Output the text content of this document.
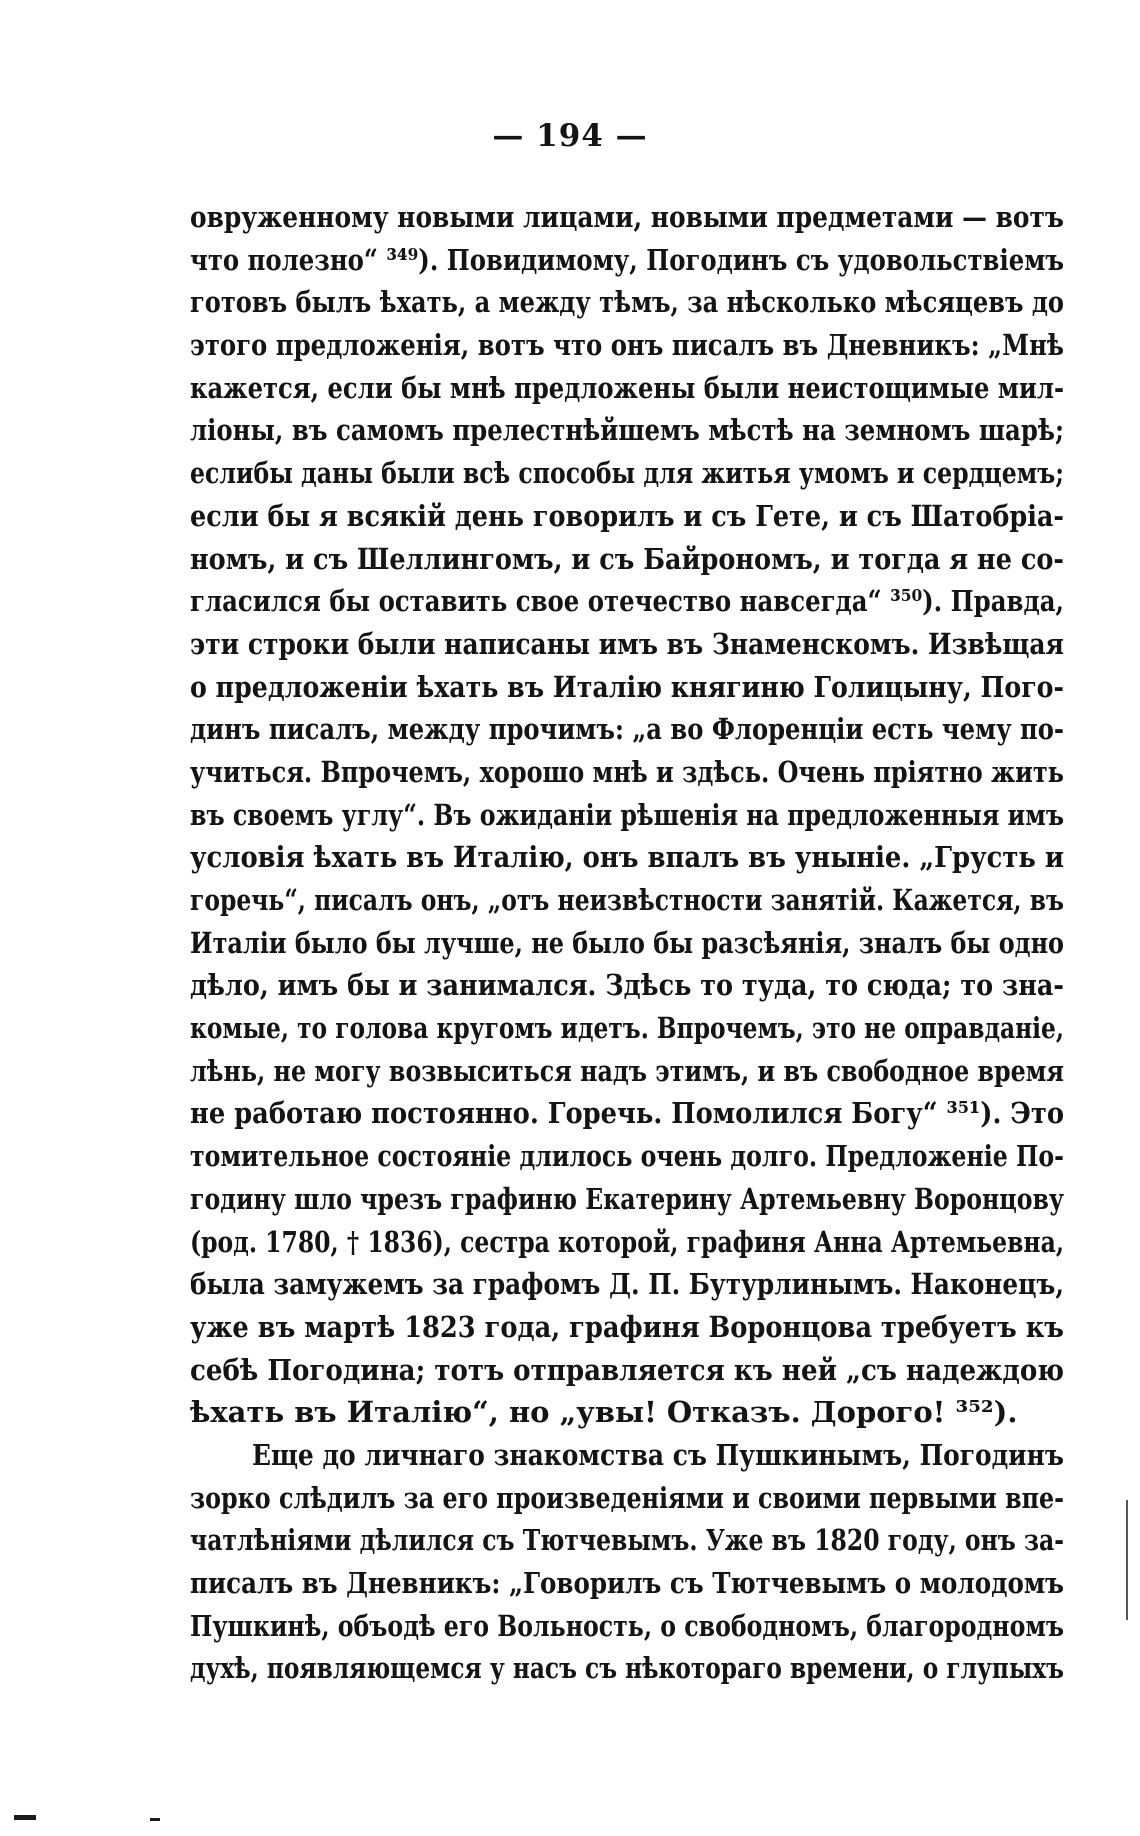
— 194 —
овруженному новыми лицами, новыми предметами — вотъ
что полезно“ ³⁴⁹). Повидимому, Погодинъ съ удовольствіемъ
готовъ былъ ѣхать, а между тѣмъ, за нѣсколько мѣсяцевъ до
этого предложенія, вотъ что онъ писалъ въ Дневникъ: „Мнѣ
кажется, если бы мнѣ предложены были неистощимые мил-
ліоны, въ самомъ прелестнѣйшемъ мѣстѣ на земномъ шарѣ;
еслибы даны были всѣ способы для житья умомъ и сердцемъ;
если бы я всякій день говорилъ и съ Гете, и съ Шатобріа-
номъ, и съ Шеллингомъ, и съ Байрономъ, и тогда я не со-
гласился бы оставить свое отечество навсегда“ ³⁵⁰). Правда,
эти строки были написаны имъ въ Знаменскомъ. Извѣщая
о предложеніи ѣхать въ Италію княгиню Голицыну, Пого-
динъ писалъ, между прочимъ: „а во Флоренціи есть чему по-
учиться. Впрочемъ, хорошо мнѣ и здѣсь. Очень пріятно жить
въ своемъ углу“. Въ ожиданіи рѣшенія на предложенныя имъ
условія ѣхать въ Италію, онъ впалъ въ уныніе. „Грусть и
горечь“, писалъ онъ, „отъ неизвѣстности занятій. Кажется, въ
Италіи было бы лучше, не было бы разсѣянія, зналъ бы одно
дѣло, имъ бы и занимался. Здѣсь то туда, то сюда; то зна-
комые, то голова кругомъ идетъ. Впрочемъ, это не оправданіе,
лѣнь, не могу возвыситься надъ этимъ, и въ свободное время
не работаю постоянно. Горечь. Помолился Богу“ ³⁵¹). Это
томительное состояніе длилось очень долго. Предложеніе По-
годину шло чрезъ графиню Екатерину Артемьевну Воронцову
(род. 1780, † 1836), сестра которой, графиня Анна Артемьевна,
была замужемъ за графомъ Д. П. Бутурлинымъ. Наконецъ,
уже въ мартѣ 1823 года, графиня Воронцова требуетъ къ
себѣ Погодина; тотъ отправляется къ ней „съ надеждою
ѣхать въ Италію“, но „увы! Отказъ. Дорого! ³⁵²).
Еще до личнаго знакомства съ Пушкинымъ, Погодинъ
зорко слѣдилъ за его произведеніями и своими первыми впе-
чатлѣніями дѣлился съ Тютчевымъ. Уже въ 1820 году, онъ за-
писалъ въ Дневникъ: „Говорилъ съ Тютчевымъ о молодомъ
Пушкинѣ, объодѣ его Вольность, о свободномъ, благородномъ
духѣ, появляющемся у насъ съ нѣкотораго времени, о глупыхъ
